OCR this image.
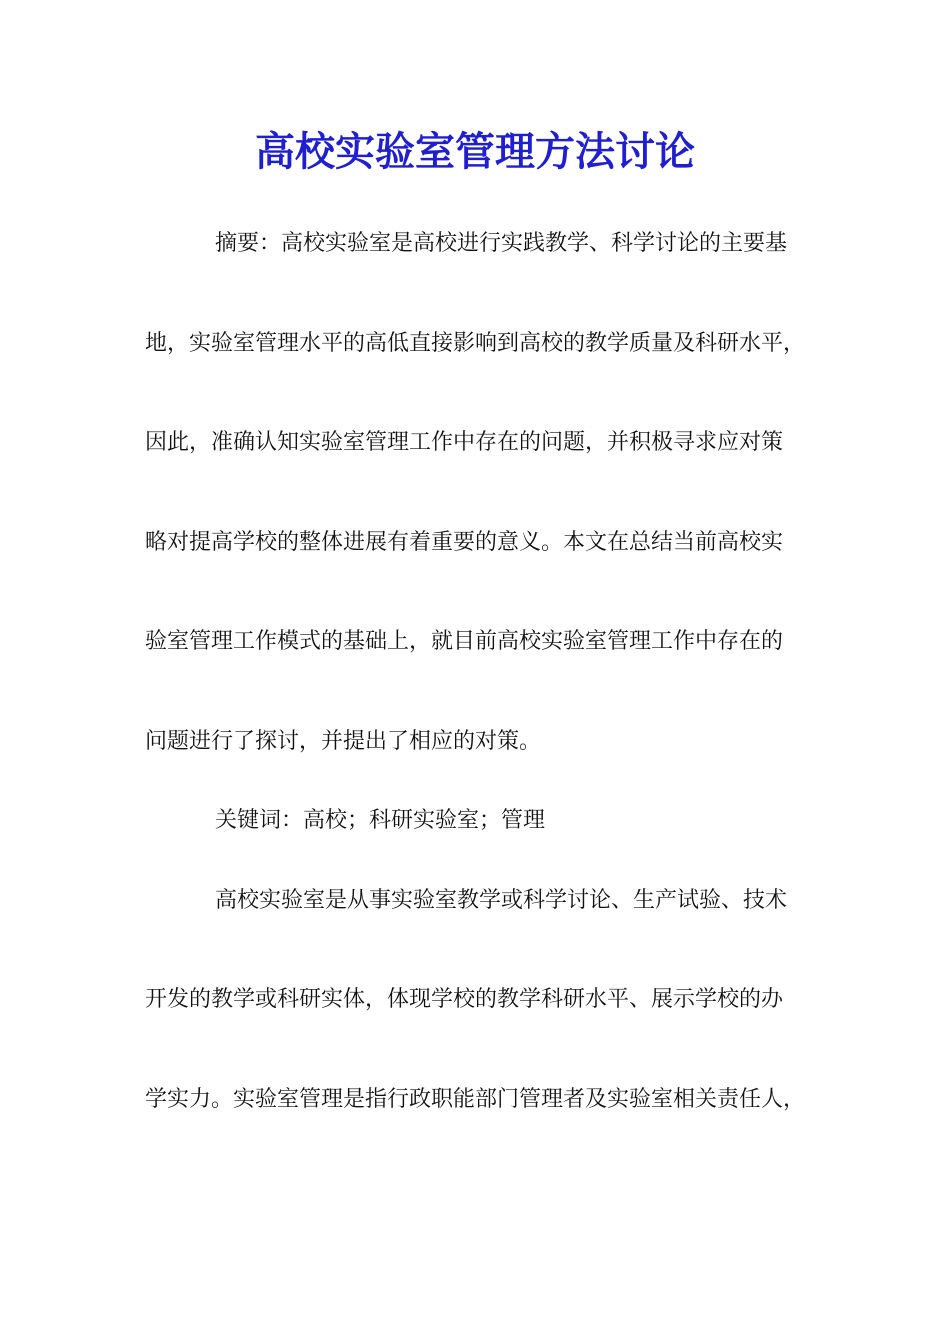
高校实验室管理方法讨论

摘要：高校实验室是高校进行实践教学、科学讨论的主要基

地，实验室管理水平的高低直接影响到高校的教学质量及科研水平，

因此，准确认知实验室管理工作中存在的问题，并积极寻求应对策

略对提高学校的整体进展有着重要的意义。本文在总结当前高校实

验室管理工作模式的基础上，就目前高校实验室管理工作中存在的

问题进行了探讨，并提出了相应的对策。

关键词：高校；科研实验室；管理

高校实验室是从事实验室教学或科学讨论、生产试验、技术

开发的教学或科研实体，体现学校的教学科研水平、展示学校的办

学实力。实验室管理是指行政职能部门管理者及实验室相关责任人，
